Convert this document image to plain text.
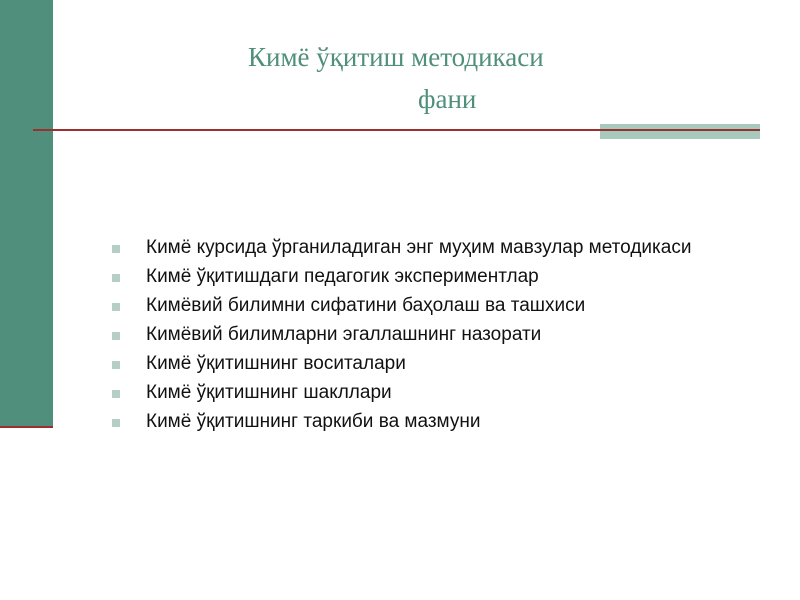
Кимё ўқитиш методикаси
фани
Кимё курсида ўрганиладиган энг муҳим мавзулар методикаси
Кимё ўқитишдаги педагогик экспериментлар
Кимёвий билимни сифатини баҳолаш ва ташхиси
Кимёвий билимларни эгаллашнинг назорати
Кимё ўқитишнинг воситалари
Кимё ўқитишнинг шакллари
Кимё ўқитишнинг таркиби ва мазмуни
